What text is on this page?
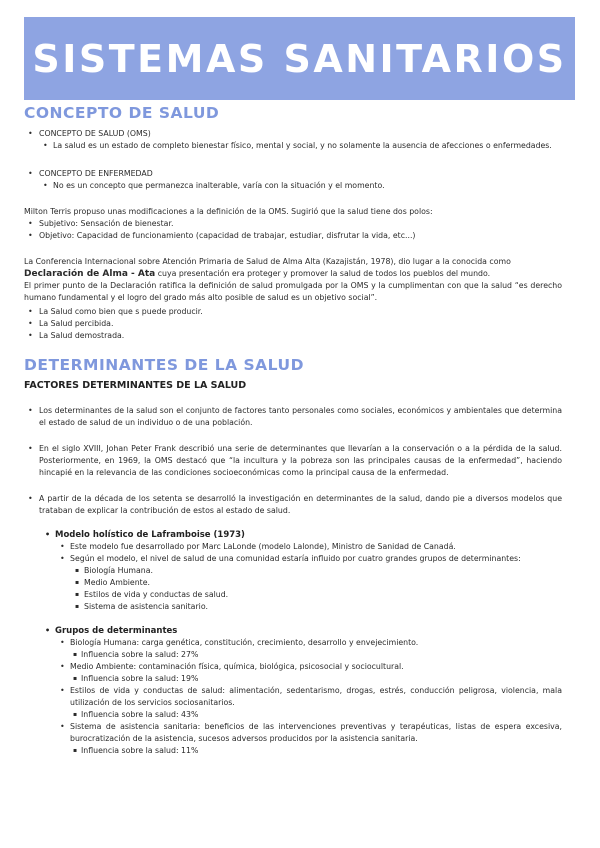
SISTEMAS SANITARIOS
CONCEPTO DE SALUD
• CONCEPTO DE SALUD (OMS)
• La salud es un estado de completo bienestar físico, mental y social, y no solamente la ausencia de afecciones o enfermedades.
• CONCEPTO DE ENFERMEDAD
• No es un concepto que permanezca inalterable, varía con la situación y el momento.

Milton Terris propuso unas modificaciones a la definición de la OMS. Sugirió que la salud tiene dos polos:

• Subjetivo: Sensación de bienestar.
• Objetivo: Capacidad de funcionamiento (capacidad de trabajar, estudiar, disfrutar la vida, etc...)

La Conferencia Internacional sobre Atención Primaria de Salud de Alma Alta (Kazajistán, 1978), dio lugar a la conocida como
Declaración de Alma - Ata cuya presentación era proteger y promover la salud de todos los pueblos del mundo.

El primer punto de la Declaración ratifica la definición de salud promulgada por la OMS y la cumplimentan con que la salud “es derecho humano fundamental y el logro del grado más alto posible de salud es un objetivo social”.

• La Salud como bien que s puede producir.
• La Salud percibida.
• La Salud demostrada.
DETERMINANTES DE LA SALUD
FACTORES DETERMINANTES DE LA SALUD
• Los determinantes de la salud son el conjunto de factores tanto personales como sociales, económicos y ambientales que determina el estado de salud de un individuo o de una población.
• En el siglo XVIII, Johan Peter Frank describió una serie de determinantes que llevarían a la conservación o a la pérdida de la salud. Posteriormente, en 1969, la OMS destacó que “la incultura y la pobreza son las principales causas de la enfermedad”, haciendo hincapié en la relevancia de las condiciones socioeconómicas como la principal causa de la enfermedad.
• A partir de la década de los setenta se desarrolló la investigación en determinantes de la salud, dando pie a diversos modelos que trataban de explicar la contribución de estos al estado de salud.
• Modelo holístico de Laframboise (1973)
• Este modelo fue desarrollado por Marc LaLonde (modelo Lalonde), Ministro de Sanidad de Canadá.
• Según el modelo, el nivel de salud de una comunidad estaría influido por cuatro grandes grupos de determinantes:
▪ Biología Humana.
▪ Medio Ambiente.
▪ Estilos de vida y conductas de salud.
▪ Sistema de asistencia sanitario.
• Grupos de determinantes
• Biología Humana: carga genética, constitución, crecimiento, desarrollo y envejecimiento.
▪ Influencia sobre la salud: 27%
• Medio Ambiente: contaminación física, química, biológica, psicosocial y sociocultural.
▪ Influencia sobre la salud: 19%
• Estilos de vida y conductas de salud: alimentación, sedentarismo, drogas, estrés, conducción peligrosa, violencia, mala utilización de los servicios sociosanitarios.
▪ Influencia sobre la salud: 43%
• Sistema de asistencia sanitaria: beneficios de las intervenciones preventivas y terapéuticas, listas de espera excesiva, burocratización de la asistencia, sucesos adversos producidos por la asistencia sanitaria.
▪ Influencia sobre la salud: 11%
